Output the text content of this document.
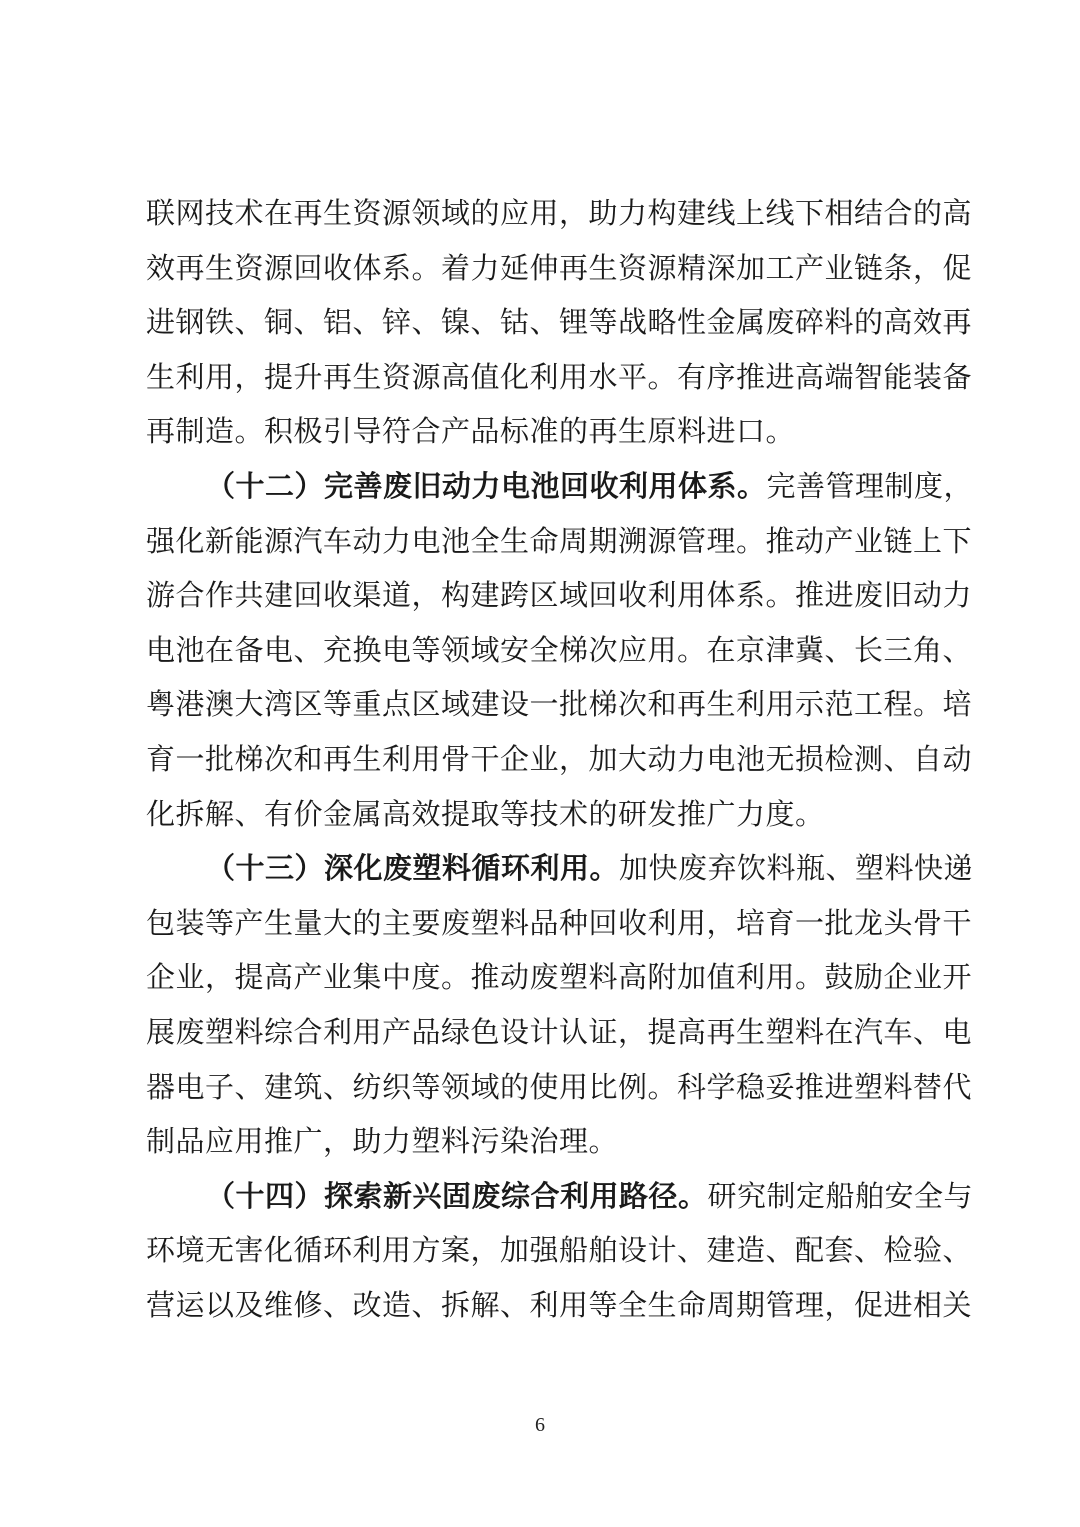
联网技术在再生资源领域的应用，助力构建线上线下相结合的高
效再生资源回收体系。着力延伸再生资源精深加工产业链条，促
进钢铁、铜、铝、锌、镍、钴、锂等战略性金属废碎料的高效再
生利用，提升再生资源高值化利用水平。有序推进高端智能装备
再制造。积极引导符合产品标准的再生原料进口。
（十二）完善废旧动力电池回收利用体系。完善管理制度，
强化新能源汽车动力电池全生命周期溯源管理。推动产业链上下
游合作共建回收渠道，构建跨区域回收利用体系。推进废旧动力
电池在备电、充换电等领域安全梯次应用。在京津冀、长三角、
粤港澳大湾区等重点区域建设一批梯次和再生利用示范工程。培
育一批梯次和再生利用骨干企业，加大动力电池无损检测、自动
化拆解、有价金属高效提取等技术的研发推广力度。
（十三）深化废塑料循环利用。加快废弃饮料瓶、塑料快递
包装等产生量大的主要废塑料品种回收利用，培育一批龙头骨干
企业，提高产业集中度。推动废塑料高附加值利用。鼓励企业开
展废塑料综合利用产品绿色设计认证，提高再生塑料在汽车、电
器电子、建筑、纺织等领域的使用比例。科学稳妥推进塑料替代
制品应用推广，助力塑料污染治理。
（十四）探索新兴固废综合利用路径。研究制定船舶安全与
环境无害化循环利用方案，加强船舶设计、建造、配套、检验、
营运以及维修、改造、拆解、利用等全生命周期管理，促进相关
6
